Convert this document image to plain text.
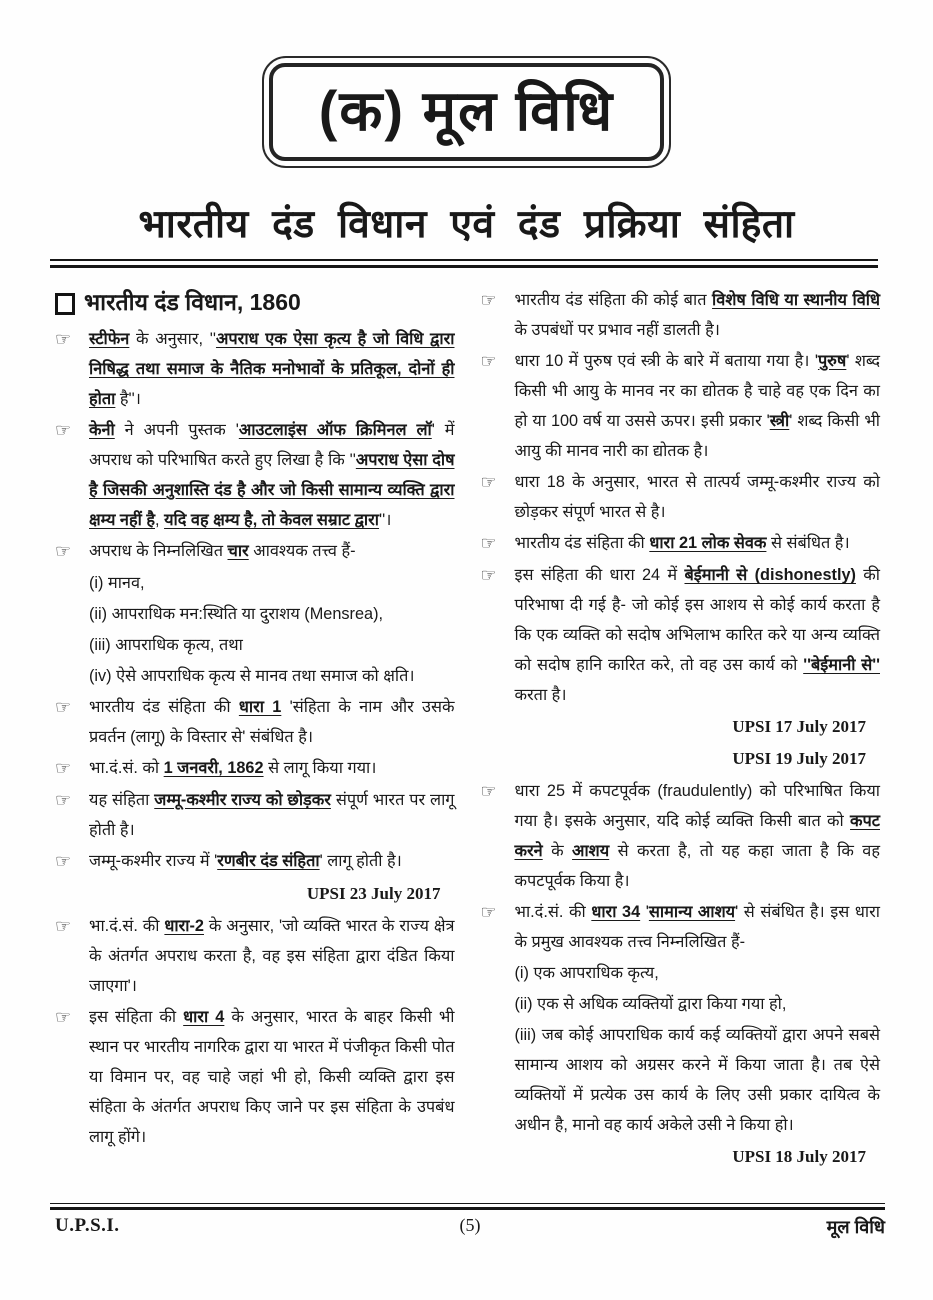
(क) मूल विधि
भारतीय दंड विधान एवं दंड प्रक्रिया संहिता
भारतीय दंड विधान, 1860
☞	स्टीफेन के अनुसार, ''अपराध एक ऐसा कृत्य है जो विधि द्वारा निषिद्ध तथा समाज के नैतिक मनोभावों के प्रतिकूल, दोनों ही होता है''।
☞	केनी ने अपनी पुस्तक 'आउटलाइंस ऑफ क्रिमिनल लॉ' में अपराध को परिभाषित करते हुए लिखा है कि ''अपराध ऐसा दोष है जिसकी अनुशास्ति दंड है और जो किसी सामान्य व्यक्ति द्वारा क्षम्य नहीं है, यदि वह क्षम्य है, तो केवल सम्राट द्वारा''।
☞	अपराध के निम्नलिखित चार आवश्यक तत्त्व हैं-
(i) मानव,
(ii) आपराधिक मन:स्थिति या दुराशय (Mensrea),
(iii) आपराधिक कृत्य, तथा
(iv) ऐसे आपराधिक कृत्य से मानव तथा समाज को क्षति।
☞	भारतीय दंड संहिता की धारा 1 'संहिता के नाम और उसके प्रवर्तन (लागू) के विस्तार से' संबंधित है।
☞	भा.दं.सं. को 1 जनवरी, 1862 से लागू किया गया।
☞	यह संहिता जम्मू-कश्मीर राज्य को छोड़कर संपूर्ण भारत पर लागू होती है।
☞	जम्मू-कश्मीर राज्य में 'रणबीर दंड संहिता' लागू होती है।
UPSI 23 July 2017
☞	भा.दं.सं. की धारा-2 के अनुसार, 'जो व्यक्ति भारत के राज्य क्षेत्र के अंतर्गत अपराध करता है, वह इस संहिता द्वारा दंडित किया जाएगा'।
☞	इस संहिता की धारा 4 के अनुसार, भारत के बाहर किसी भी स्थान पर भारतीय नागरिक द्वारा या भारत में पंजीकृत किसी पोत या विमान पर, वह चाहे जहां भी हो, किसी व्यक्ति द्वारा इस संहिता के अंतर्गत अपराध किए जाने पर इस संहिता के उपबंध लागू होंगे।
☞	भारतीय दंड संहिता की कोई बात विशेष विधि या स्थानीय विधि के उपबंधों पर प्रभाव नहीं डालती है।
☞	धारा 10 में पुरुष एवं स्त्री के बारे में बताया गया है। 'पुरुष' शब्द किसी भी आयु के मानव नर का द्योतक है चाहे वह एक दिन का हो या 100 वर्ष या उससे ऊपर। इसी प्रकार 'स्त्री' शब्द किसी भी आयु की मानव नारी का द्योतक है।
☞	धारा 18 के अनुसार, भारत से तात्पर्य जम्मू-कश्मीर राज्य को छोड़कर संपूर्ण भारत से है।
☞	भारतीय दंड संहिता की धारा 21 लोक सेवक से संबंधित है।
☞	इस संहिता की धारा 24 में बेईमानी से (dishonestly) की परिभाषा दी गई है- जो कोई इस आशय से कोई कार्य करता है कि एक व्यक्ति को सदोष अभिलाभ कारित करे या अन्य व्यक्ति को सदोष हानि कारित करे, तो वह उस कार्य को ''बेईमानी से'' करता है।
UPSI 17 July 2017
UPSI 19 July 2017
☞	धारा 25 में कपटपूर्वक (fraudulently) को परिभाषित किया गया है। इसके अनुसार, यदि कोई व्यक्ति किसी बात को कपट करने के आशय से करता है, तो यह कहा जाता है कि वह कपटपूर्वक किया है।
☞	भा.दं.सं. की धारा 34 'सामान्य आशय' से संबंधित है। इस धारा के प्रमुख आवश्यक तत्त्व निम्नलिखित हैं-
(i) एक आपराधिक कृत्य,
(ii) एक से अधिक व्यक्तियों द्वारा किया गया हो,
(iii) जब कोई आपराधिक कार्य कई व्यक्तियों द्वारा अपने सबसे सामान्य आशय को अग्रसर करने में किया जाता है। तब ऐसे व्यक्तियों में प्रत्येक उस कार्य के लिए उसी प्रकार दायित्व के अधीन है, मानो वह कार्य अकेले उसी ने किया हो।
UPSI 18 July 2017
U.P.S.I.	(5)	मूल विधि
